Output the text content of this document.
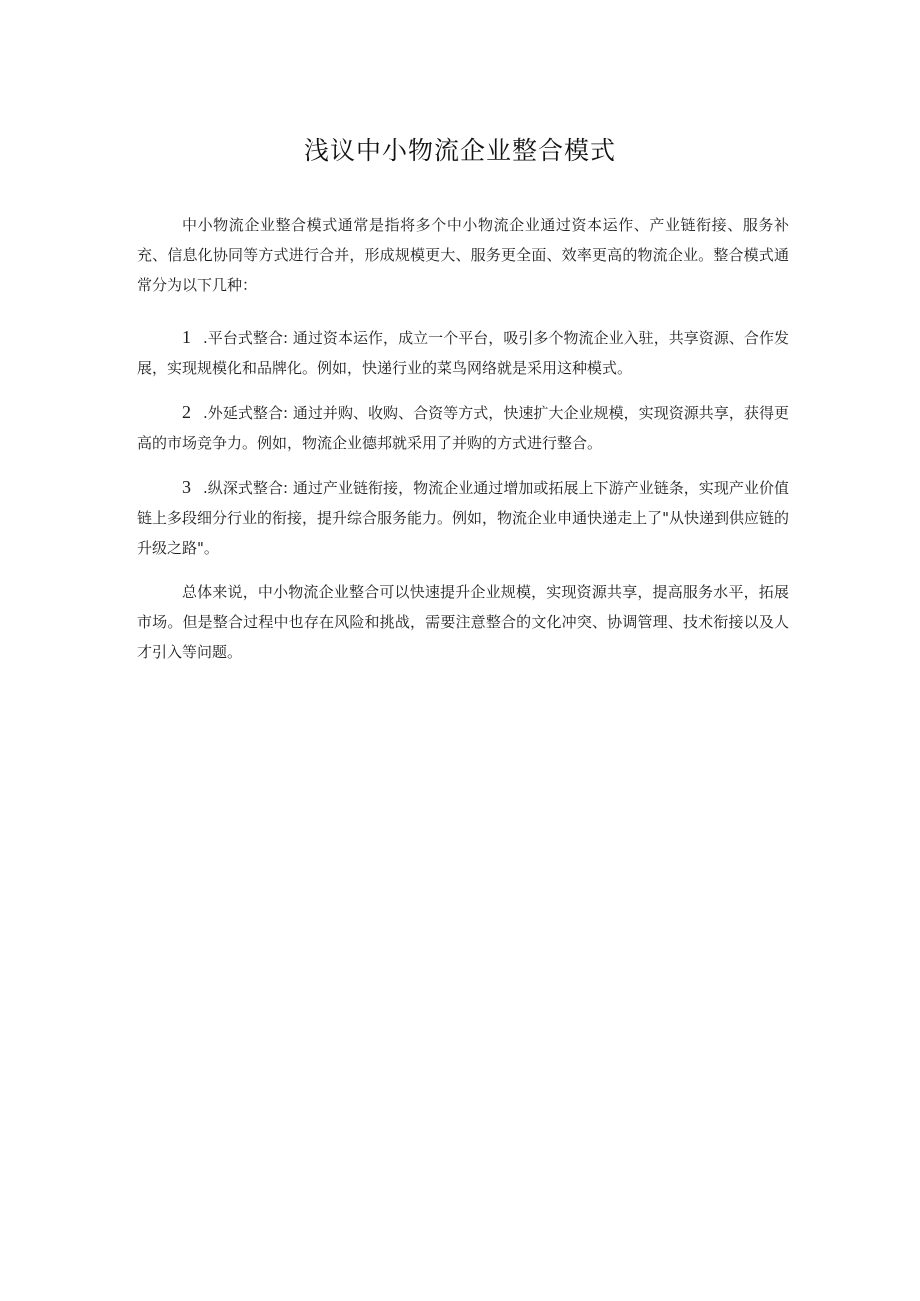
浅议中小物流企业整合模式

中小物流企业整合模式通常是指将多个中小物流企业通过资本运作、产业链衔接、服务补充、信息化协同等方式进行合并，形成规模更大、服务更全面、效率更高的物流企业。整合模式通常分为以下几种：

1 .平台式整合: 通过资本运作，成立一个平台，吸引多个物流企业入驻，共享资源、合作发展，实现规模化和品牌化。例如，快递行业的菜鸟网络就是采用这种模式。

2 .外延式整合: 通过并购、收购、合资等方式，快速扩大企业规模，实现资源共享，获得更高的市场竞争力。例如，物流企业德邦就采用了并购的方式进行整合。

3 .纵深式整合: 通过产业链衔接，物流企业通过增加或拓展上下游产业链条，实现产业价值链上多段细分行业的衔接，提升综合服务能力。例如，物流企业申通快递走上了"从快递到供应链的升级之路"。

总体来说，中小物流企业整合可以快速提升企业规模，实现资源共享，提高服务水平，拓展市场。但是整合过程中也存在风险和挑战，需要注意整合的文化冲突、协调管理、技术衔接以及人才引入等问题。
